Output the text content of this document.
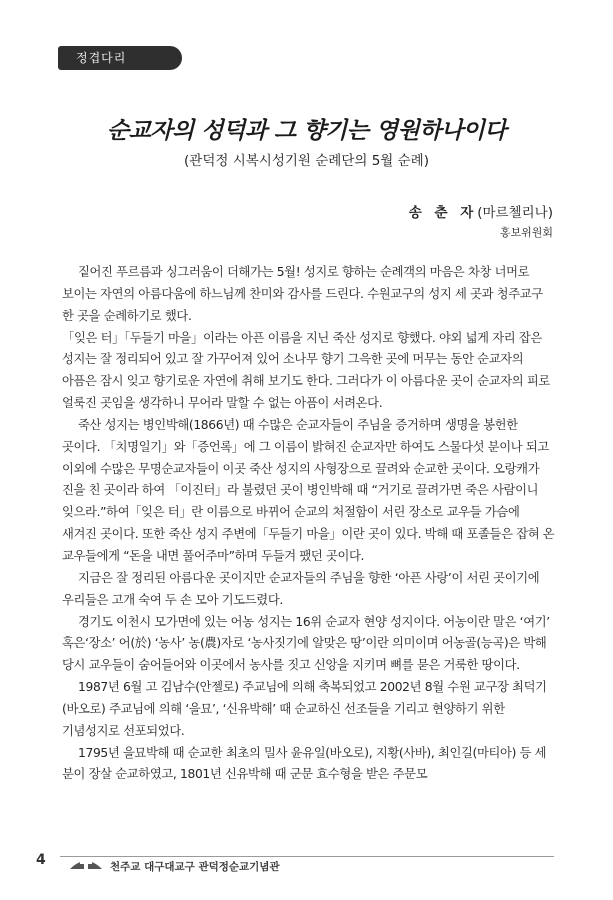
정겹다리
순교자의 성덕과 그 향기는 영원하나이다
(관덕정 시복시성기원 순례단의 5월 순례)
송 춘 자(마르첼리나)
홍보위원회

짙어진 푸르름과 싱그러움이 더해가는 5월! 성지로 향하는 순례객의 마음은 차창 너머로 보이는 자연의 아름다움에 하느님께 찬미와 감사를 드린다. 수원교구의 성지 세 곳과 청주교구 한 곳을 순례하기로 했다.

「잊은 터」「두들기 마을」이라는 아픈 이름을 지닌 죽산 성지로 향했다. 야외 넓게 자리 잡은 성지는 잘 정리되어 있고 잘 가꾸어져 있어 소나무 향기 그윽한 곳에 머무는 동안 순교자의 아픔은 잠시 잊고 향기로운 자연에 취해 보기도 한다. 그러다가 이 아름다운 곳이 순교자의 피로 얼룩진 곳임을 생각하니 무어라 말할 수 없는 아픔이 서려온다.

죽산 성지는 병인박해(1866년) 때 수많은 순교자들이 주님을 증거하며 생명을 봉헌한 곳이다. 「치명일기」와「증언록」에 그 이름이 밝혀진 순교자만 하여도 스물다섯 분이나 되고 이외에 수많은 무명순교자들이 이곳 죽산 성지의 사형장으로 끌려와 순교한 곳이다. 오랑캐가 진을 친 곳이라 하여 「이진터」라 불렸던 곳이 병인박해 때 “거기로 끌려가면 죽은 사람이니 잊으라.”하여「잊은 터」란 이름으로 바뀌어 순교의 처절함이 서린 장소로 교우들 가슴에 새겨진 곳이다. 또한 죽산 성지 주변에「두들기 마을」이란 곳이 있다. 박해 때 포졸들은 잡혀 온 교우들에게 “돈을 내면 풀어주마”하며 두들겨 팼던 곳이다.

지금은 잘 정리된 아름다운 곳이지만 순교자들의 주님을 향한 ‘아픈 사랑’이 서린 곳이기에 우리들은 고개 숙여 두 손 모아 기도드렸다.

경기도 이천시 모가면에 있는 어농 성지는 16위 순교자 현양 성지이다. 어농이란 말은 ‘여기’ 혹은‘장소’ 어(於) ‘농사’ 농(農)자로 ‘농사짓기에 알맞은 땅’이란 의미이며 어농골(능곡)은 박해 당시 교우들이 숨어들어와 이곳에서 농사를 짓고 신앙을 지키며 뼈를 묻은 거룩한 땅이다.

1987년 6월 고 김남수(안젤로) 주교님에 의해 축복되었고 2002년 8월 수원 교구장 최덕기(바오로) 주교님에 의해 ‘을묘’, ‘신유박해’ 때 순교하신 선조들을 기리고 현양하기 위한 기념성지로 선포되었다.

1795년 을묘박해 때 순교한 최초의 밀사 윤유일(바오로), 지황(사바), 최인길(마티아) 등 세 분이 장살 순교하였고, 1801년 신유박해 때 군문 효수형을 받은 주문모

4	천주교 대구대교구 관덕정순교기념관
